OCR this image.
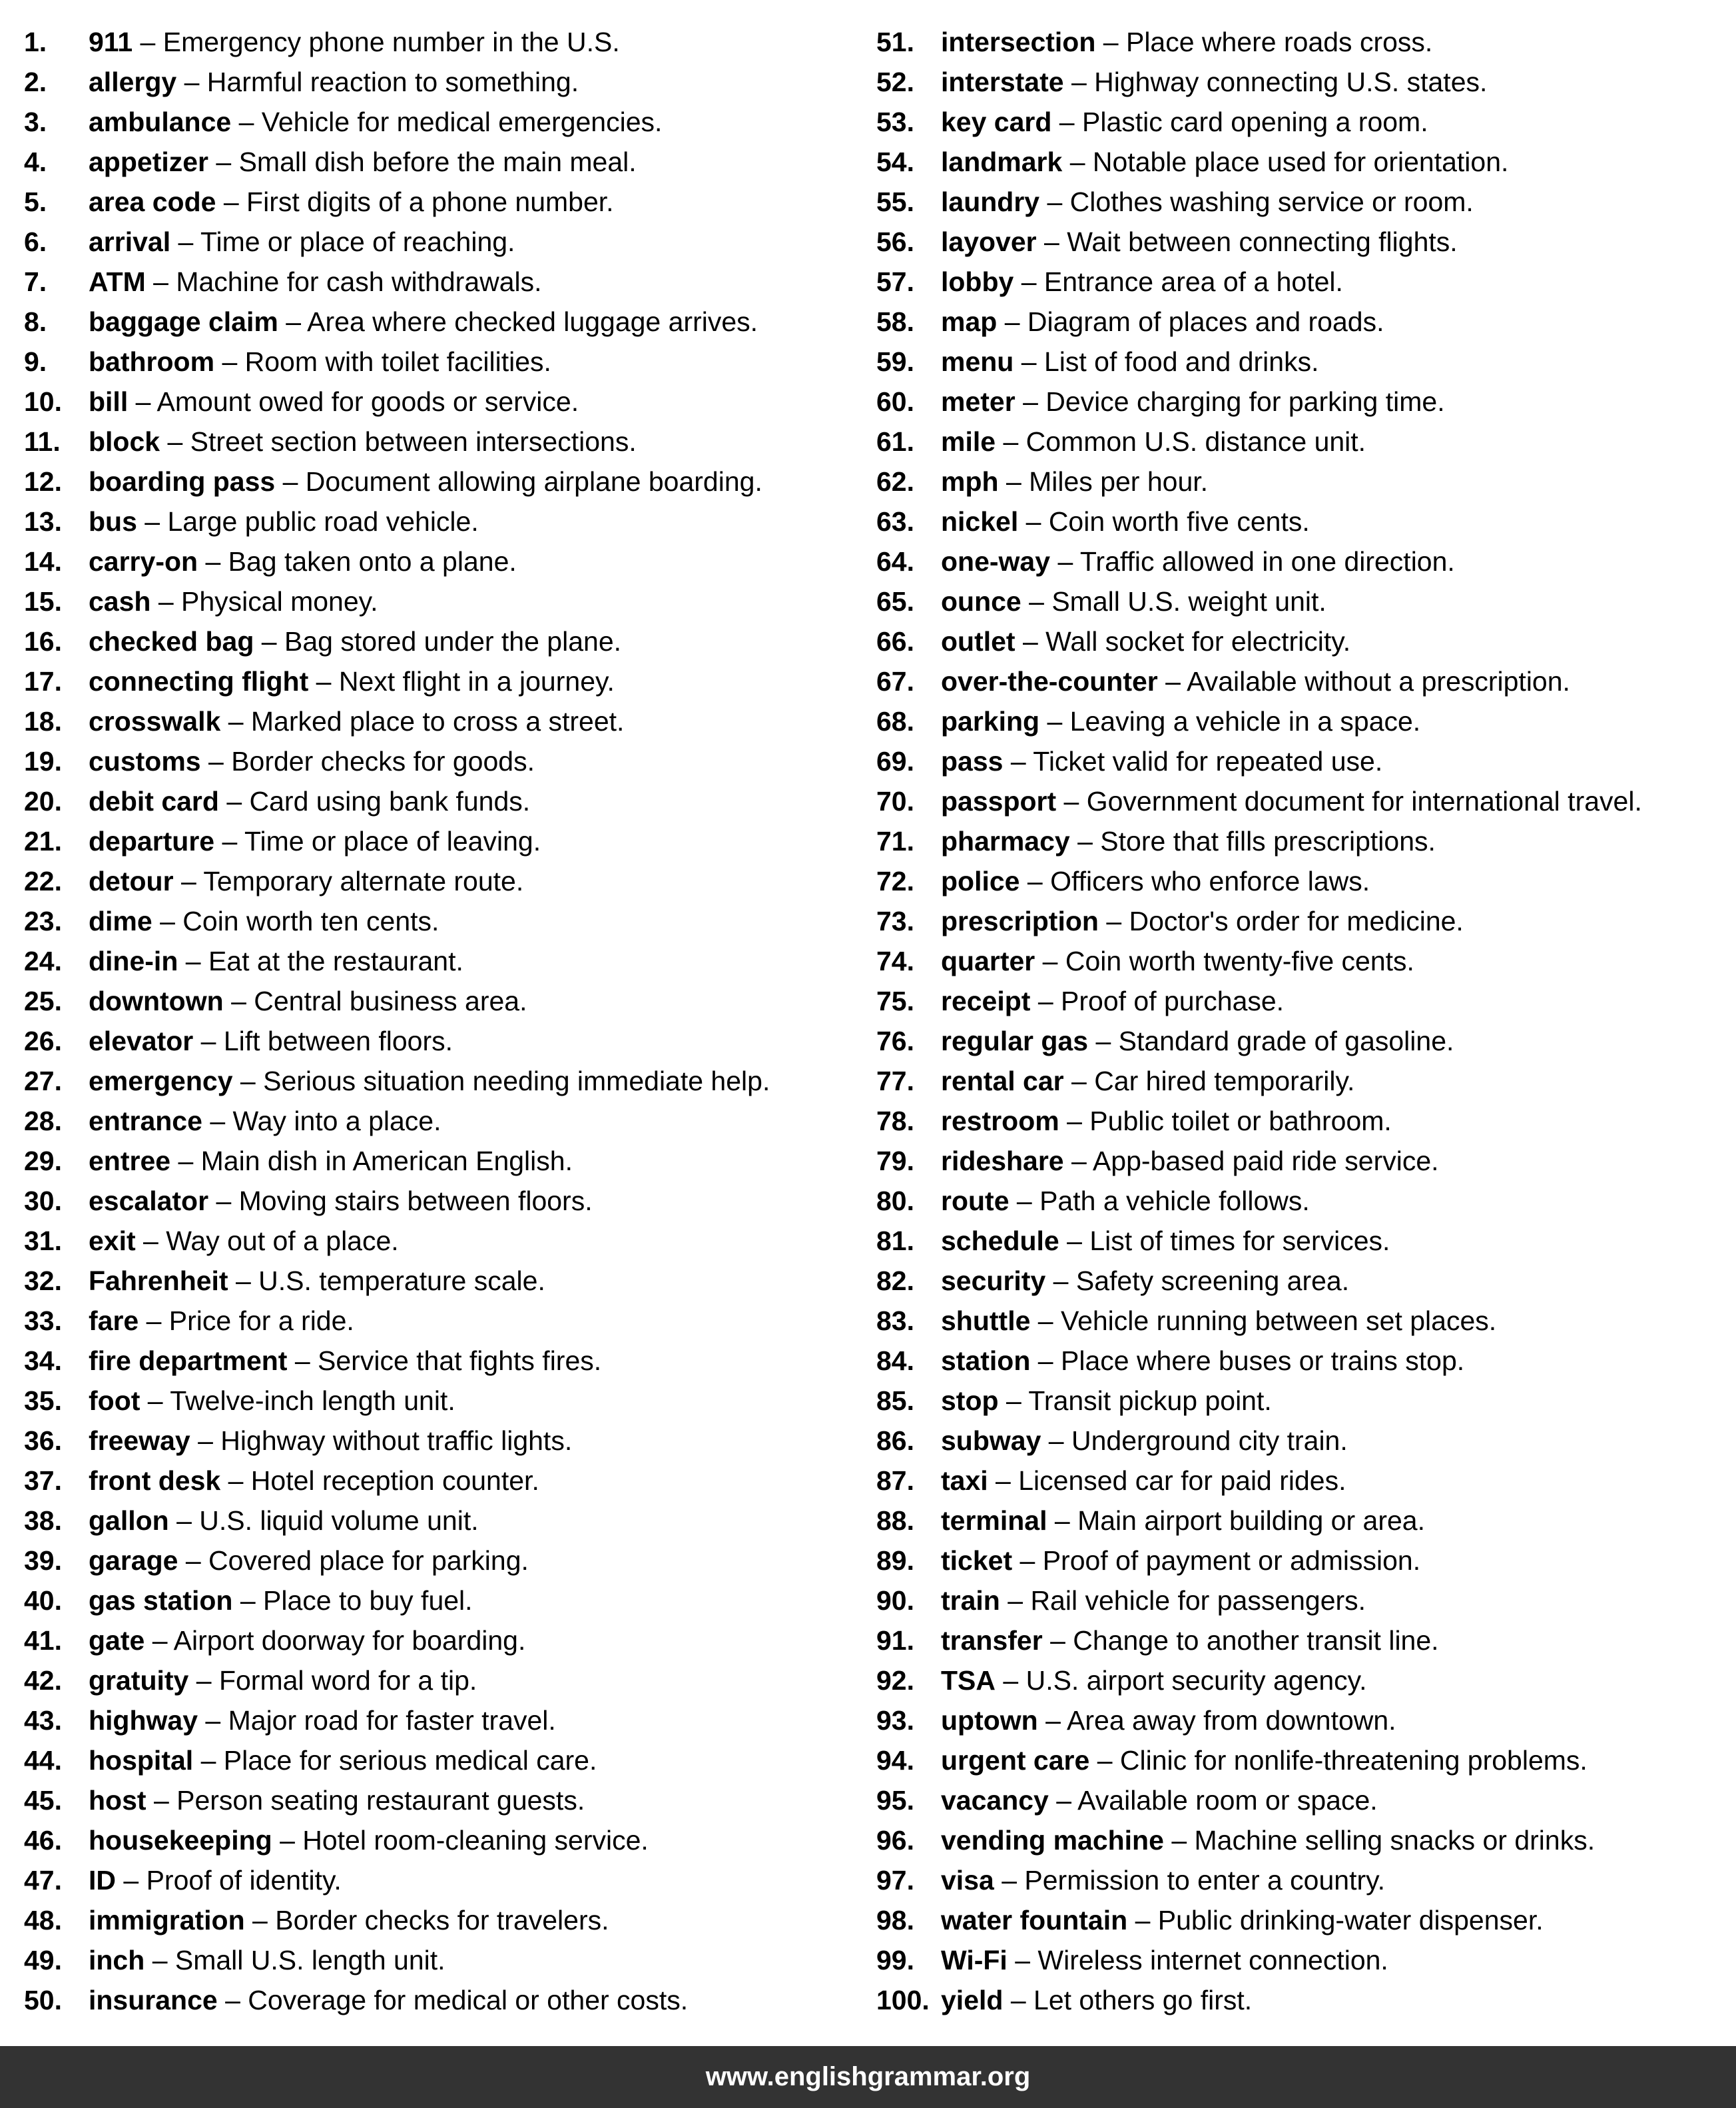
1. 911 – Emergency phone number in the U.S.
2. allergy – Harmful reaction to something.
3. ambulance – Vehicle for medical emergencies.
4. appetizer – Small dish before the main meal.
5. area code – First digits of a phone number.
6. arrival – Time or place of reaching.
7. ATM – Machine for cash withdrawals.
8. baggage claim – Area where checked luggage arrives.
9. bathroom – Room with toilet facilities.
10. bill – Amount owed for goods or service.
11. block – Street section between intersections.
12. boarding pass – Document allowing airplane boarding.
13. bus – Large public road vehicle.
14. carry-on – Bag taken onto a plane.
15. cash – Physical money.
16. checked bag – Bag stored under the plane.
17. connecting flight – Next flight in a journey.
18. crosswalk – Marked place to cross a street.
19. customs – Border checks for goods.
20. debit card – Card using bank funds.
21. departure – Time or place of leaving.
22. detour – Temporary alternate route.
23. dime – Coin worth ten cents.
24. dine-in – Eat at the restaurant.
25. downtown – Central business area.
26. elevator – Lift between floors.
27. emergency – Serious situation needing immediate help.
28. entrance – Way into a place.
29. entree – Main dish in American English.
30. escalator – Moving stairs between floors.
31. exit – Way out of a place.
32. Fahrenheit – U.S. temperature scale.
33. fare – Price for a ride.
34. fire department – Service that fights fires.
35. foot – Twelve-inch length unit.
36. freeway – Highway without traffic lights.
37. front desk – Hotel reception counter.
38. gallon – U.S. liquid volume unit.
39. garage – Covered place for parking.
40. gas station – Place to buy fuel.
41. gate – Airport doorway for boarding.
42. gratuity – Formal word for a tip.
43. highway – Major road for faster travel.
44. hospital – Place for serious medical care.
45. host – Person seating restaurant guests.
46. housekeeping – Hotel room-cleaning service.
47. ID – Proof of identity.
48. immigration – Border checks for travelers.
49. inch – Small U.S. length unit.
50. insurance – Coverage for medical or other costs.
51. intersection – Place where roads cross.
52. interstate – Highway connecting U.S. states.
53. key card – Plastic card opening a room.
54. landmark – Notable place used for orientation.
55. laundry – Clothes washing service or room.
56. layover – Wait between connecting flights.
57. lobby – Entrance area of a hotel.
58. map – Diagram of places and roads.
59. menu – List of food and drinks.
60. meter – Device charging for parking time.
61. mile – Common U.S. distance unit.
62. mph – Miles per hour.
63. nickel – Coin worth five cents.
64. one-way – Traffic allowed in one direction.
65. ounce – Small U.S. weight unit.
66. outlet – Wall socket for electricity.
67. over-the-counter – Available without a prescription.
68. parking – Leaving a vehicle in a space.
69. pass – Ticket valid for repeated use.
70. passport – Government document for international travel.
71. pharmacy – Store that fills prescriptions.
72. police – Officers who enforce laws.
73. prescription – Doctor's order for medicine.
74. quarter – Coin worth twenty-five cents.
75. receipt – Proof of purchase.
76. regular gas – Standard grade of gasoline.
77. rental car – Car hired temporarily.
78. restroom – Public toilet or bathroom.
79. rideshare – App-based paid ride service.
80. route – Path a vehicle follows.
81. schedule – List of times for services.
82. security – Safety screening area.
83. shuttle – Vehicle running between set places.
84. station – Place where buses or trains stop.
85. stop – Transit pickup point.
86. subway – Underground city train.
87. taxi – Licensed car for paid rides.
88. terminal – Main airport building or area.
89. ticket – Proof of payment or admission.
90. train – Rail vehicle for passengers.
91. transfer – Change to another transit line.
92. TSA – U.S. airport security agency.
93. uptown – Area away from downtown.
94. urgent care – Clinic for nonlife-threatening problems.
95. vacancy – Available room or space.
96. vending machine – Machine selling snacks or drinks.
97. visa – Permission to enter a country.
98. water fountain – Public drinking-water dispenser.
99. Wi-Fi – Wireless internet connection.
100. yield – Let others go first.
www.englishgrammar.org
